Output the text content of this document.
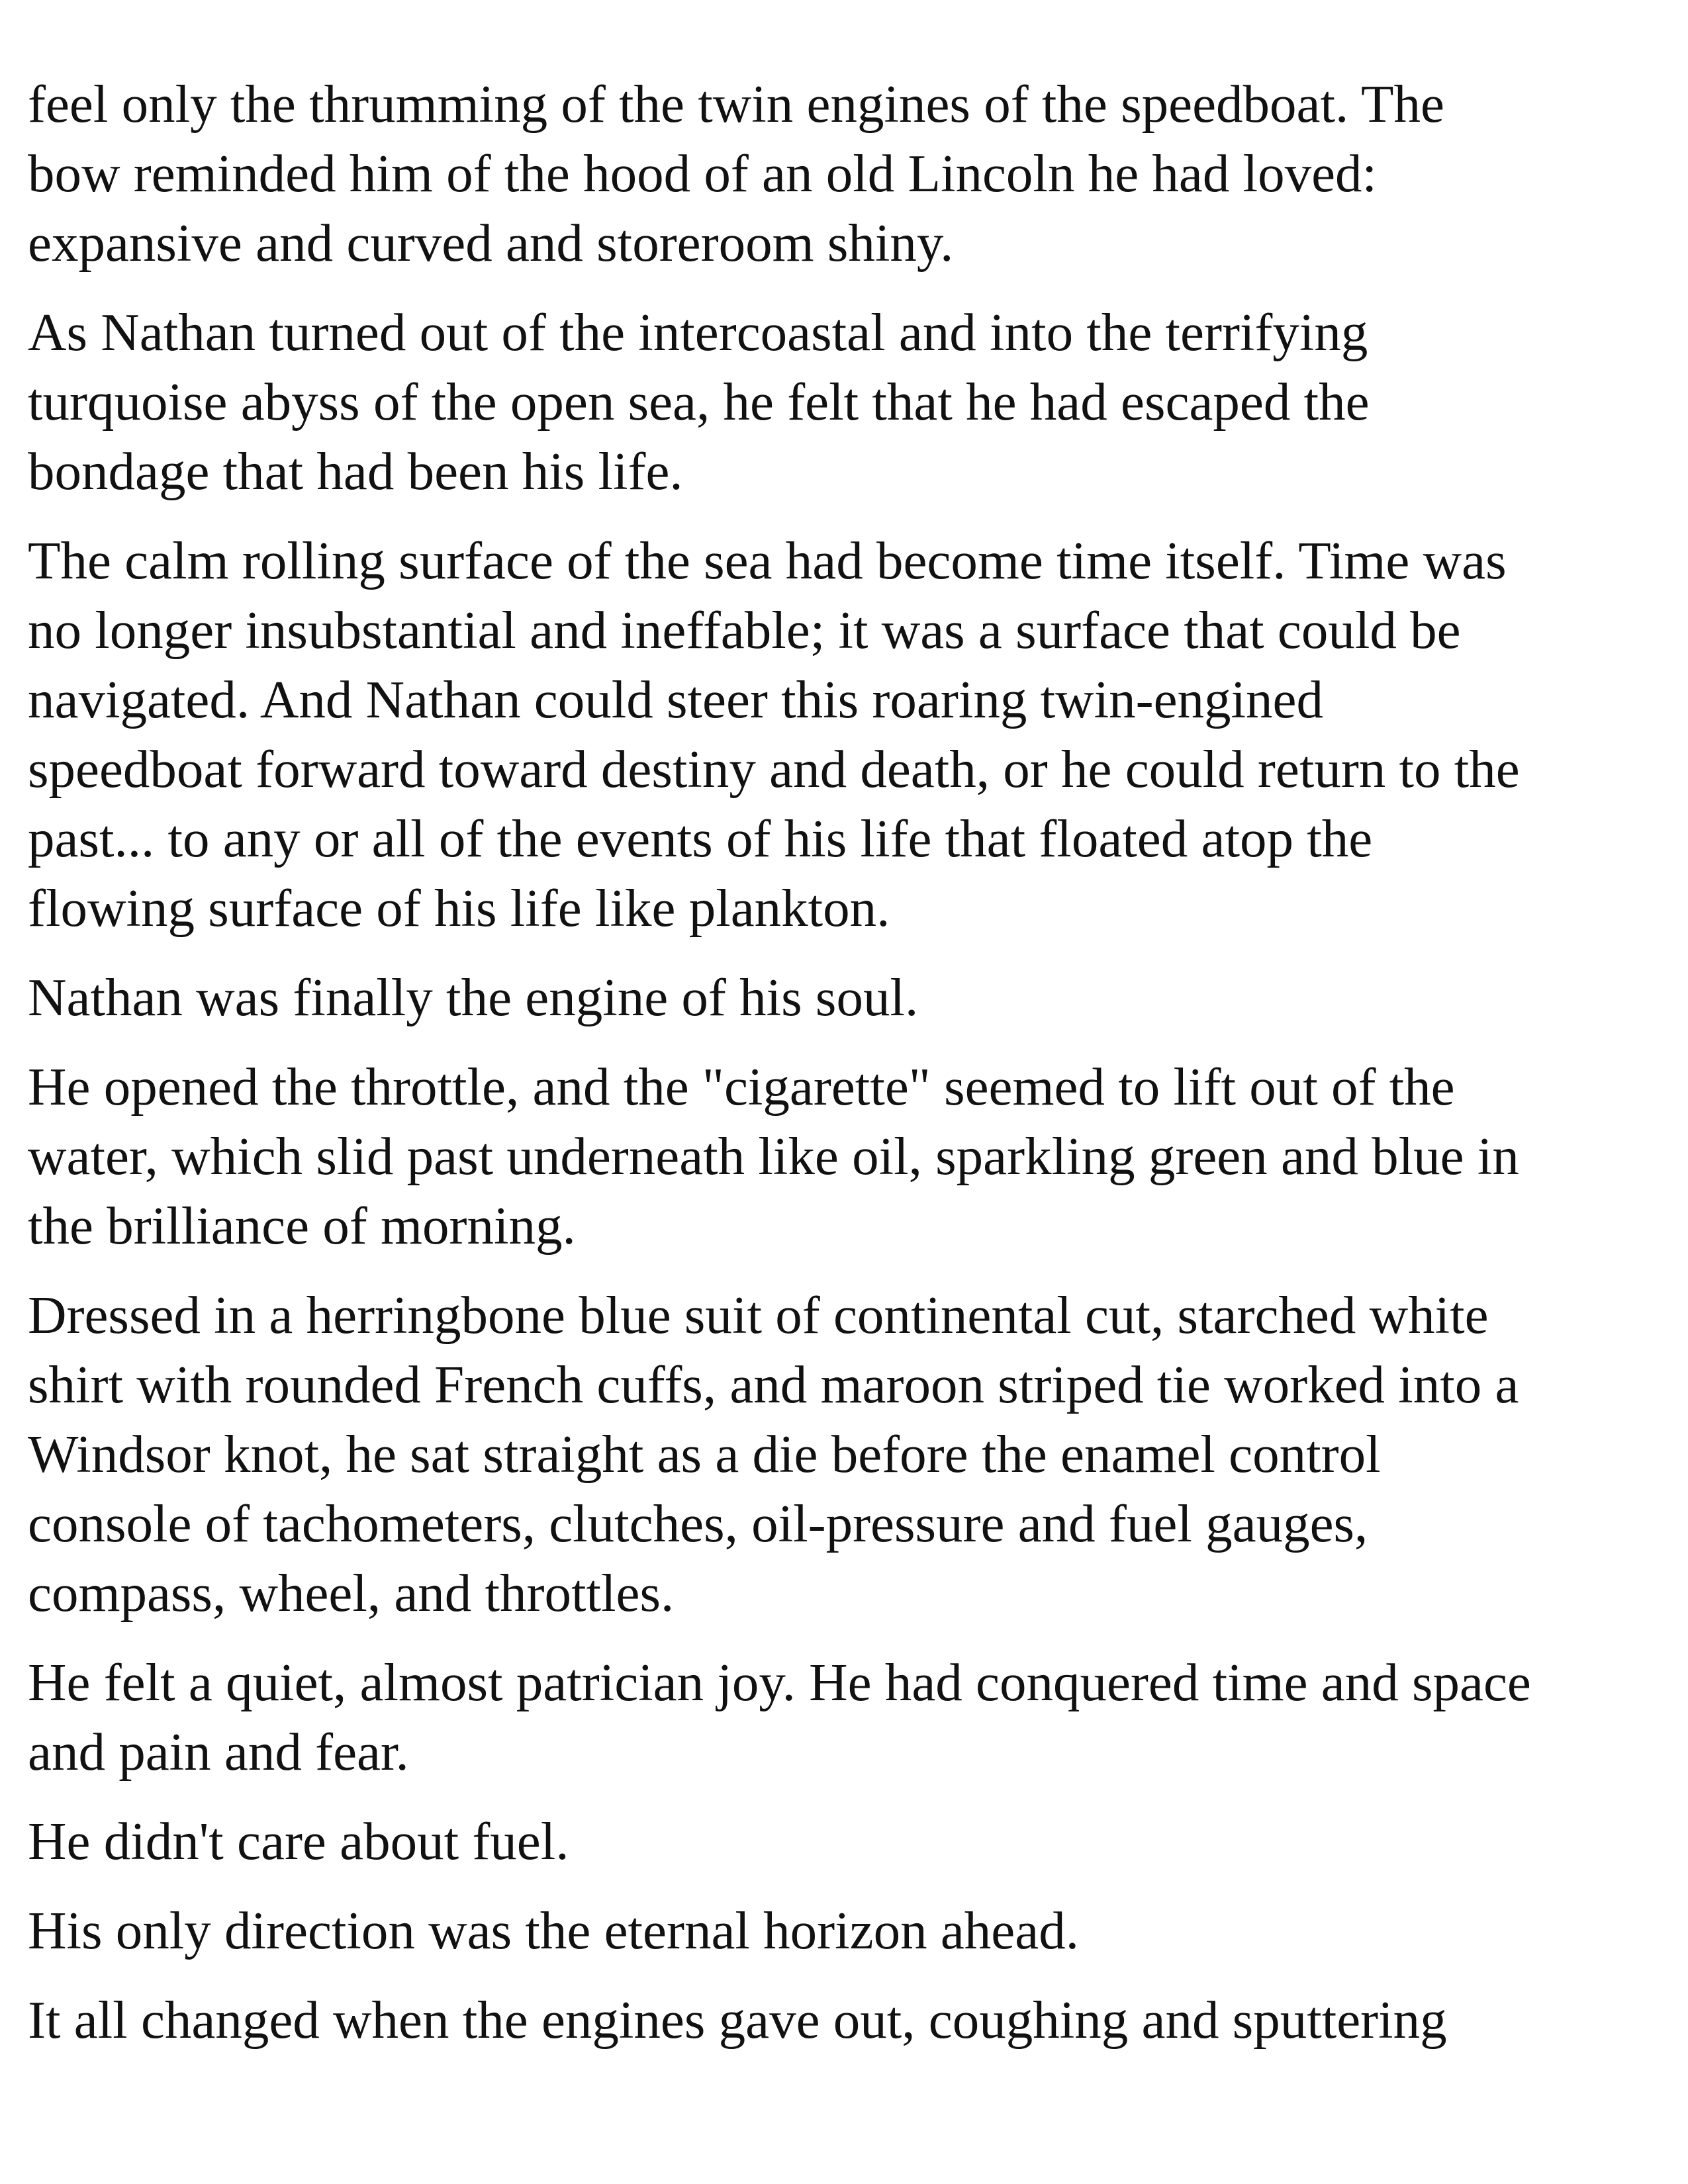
feel only the thrumming of the twin engines of the speedboat. The
bow reminded him of the hood of an old Lincoln he had loved:
expansive and curved and storeroom shiny.

As Nathan turned out of the intercoastal and into the terrifying
turquoise abyss of the open sea, he felt that he had escaped the
bondage that had been his life.

The calm rolling surface of the sea had become time itself. Time was
no longer insubstantial and ineffable; it was a surface that could be
navigated. And Nathan could steer this roaring twin-engined
speedboat forward toward destiny and death, or he could return to the
past... to any or all of the events of his life that floated atop the
flowing surface of his life like plankton.

Nathan was finally the engine of his soul.

He opened the throttle, and the "cigarette" seemed to lift out of the
water, which slid past underneath like oil, sparkling green and blue in
the brilliance of morning.

Dressed in a herringbone blue suit of continental cut, starched white
shirt with rounded French cuffs, and maroon striped tie worked into a
Windsor knot, he sat straight as a die before the enamel control
console of tachometers, clutches, oil-pressure and fuel gauges,
compass, wheel, and throttles.

He felt a quiet, almost patrician joy. He had conquered time and space
and pain and fear.

He didn't care about fuel.

His only direction was the eternal horizon ahead.

It all changed when the engines gave out, coughing and sputtering
